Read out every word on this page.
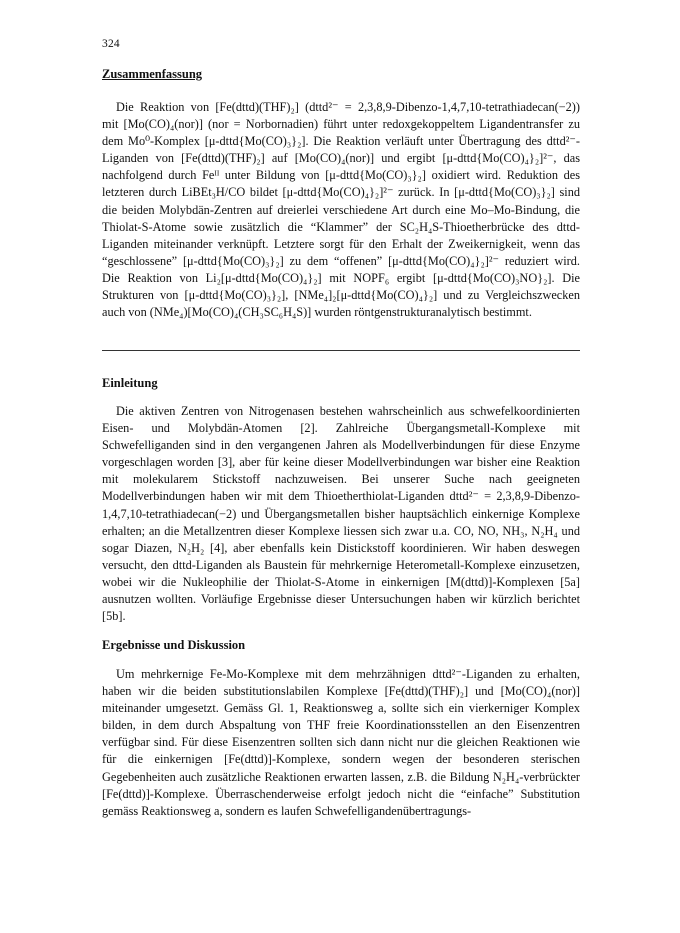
324
Zusammenfassung

Die Reaktion von [Fe(dttd)(THF)₂] (dttd²⁻ = 2,3,8,9-Dibenzo-1,4,7,10-tetrathiadecan(−2)) mit [Mo(CO)₄(nor)] (nor = Norbornadien) führt unter redoxgekoppeltem Ligandentransfer zu dem Mo⁰-Komplex [μ-dttd{Mo(CO)₃}₂]. Die Reaktion verläuft unter Übertragung des dttd²⁻-Liganden von [Fe(dttd)(THF)₂] auf [Mo(CO)₄(nor)] und ergibt [μ-dttd{Mo(CO)₄}₂]²⁻, das nachfolgend durch Feᴵᴵ unter Bildung von [μ-dttd{Mo(CO)₃}₂] oxidiert wird. Reduktion des letzteren durch LiBEt₃H/CO bildet [μ-dttd{Mo(CO)₄}₂]²⁻ zurück. In [μ-dttd{Mo(CO)₃}₂] sind die beiden Molybdän-Zentren auf dreierlei verschiedene Art durch eine Mo–Mo-Bindung, die Thiolat-S-Atome sowie zusätzlich die “Klammer” der SC₂H₄S-Thioetherbrücke des dttd-Liganden miteinander verknüpft. Letztere sorgt für den Erhalt der Zweikernigkeit, wenn das “geschlossene” [μ-dttd{Mo(CO)₃}₂] zu dem “offenen” [μ-dttd{Mo(CO)₄}₂]²⁻ reduziert wird. Die Reaktion von Li₂[μ-dttd{Mo(CO)₄}₂] mit NOPF₆ ergibt [μ-dttd{Mo(CO)₃NO}₂]. Die Strukturen von [μ-dttd{Mo(CO)₃}₂], [NMe₄]₂[μ-dttd{Mo(CO)₄}₂] und zu Vergleichszwecken auch von (NMe₄)[Mo(CO)₄(CH₃SC₆H₄S)] wurden röntgenstrukturanalytisch bestimmt.

Einleitung

Die aktiven Zentren von Nitrogenasen bestehen wahrscheinlich aus schwefelkoordinierten Eisen- und Molybdän-Atomen [2]. Zahlreiche Übergangsmetall-Komplexe mit Schwefelliganden sind in den vergangenen Jahren als Modellverbindungen für diese Enzyme vorgeschlagen worden [3], aber für keine dieser Modellverbindungen war bisher eine Reaktion mit molekularem Stickstoff nachzuweisen. Bei unserer Suche nach geeigneten Modellverbindungen haben wir mit dem Thioetherthiolat-Liganden dttd²⁻ = 2,3,8,9-Dibenzo-1,4,7,10-tetrathiadecan(−2) und Übergangsmetallen bisher hauptsächlich einkernige Komplexe erhalten; an die Metallzentren dieser Komplexe liessen sich zwar u.a. CO, NO, NH₃, N₂H₄ und sogar Diazen, N₂H₂ [4], aber ebenfalls kein Distickstoff koordinieren. Wir haben deswegen versucht, den dttd-Liganden als Baustein für mehrkernige Heterometall-Komplexe einzusetzen, wobei wir die Nukleophilie der Thiolat-S-Atome in einkernigen [M(dttd)]-Komplexen [5a] ausnutzen wollten. Vorläufige Ergebnisse dieser Untersuchungen haben wir kürzlich berichtet [5b].

Ergebnisse und Diskussion

Um mehrkernige Fe-Mo-Komplexe mit dem mehrzähnigen dttd²⁻-Liganden zu erhalten, haben wir die beiden substitutionslabilen Komplexe [Fe(dttd)(THF)₂] und [Mo(CO)₄(nor)] miteinander umgesetzt. Gemäss Gl. 1, Reaktionsweg a, sollte sich ein vierkerniger Komplex bilden, in dem durch Abspaltung von THF freie Koordinationsstellen an den Eisenzentren verfügbar sind. Für diese Eisenzentren sollten sich dann nicht nur die gleichen Reaktionen wie für die einkernigen [Fe(dttd)]-Komplexe, sondern wegen der besonderen sterischen Gegebenheiten auch zusätzliche Reaktionen erwarten lassen, z.B. die Bildung N₂H₄-verbrückter [Fe(dttd)]-Komplexe. Überraschenderweise erfolgt jedoch nicht die “einfache” Substitution gemäss Reaktionsweg a, sondern es laufen Schwefelligandenübertragungs-
